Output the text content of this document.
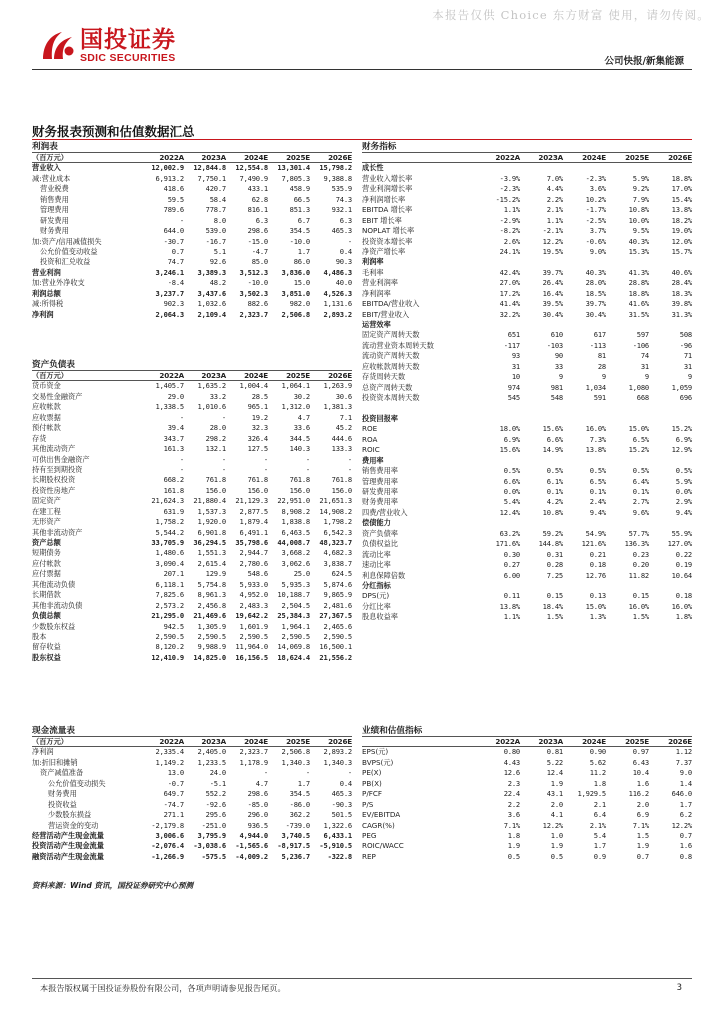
本报告仅供 Choice 东方财富 使用，请勿传阅。
国投证券
SDIC SECURITIES	公司快报/新集能源
财务报表预测和估值数据汇总
利润表
（百万元）	2022A	2023A	2024E	2025E	2026E
营业收入	12,002.9	12,844.8	12,554.8	13,301.4	15,798.2
减:营业成本	6,913.2	7,750.1	7,490.9	7,805.3	9,388.8
营业税费	418.6	420.7	433.1	458.9	535.9
销售费用	59.5	58.4	62.8	66.5	74.3
管理费用	789.6	778.7	816.1	851.3	932.1
研发费用	-	8.0	6.3	6.7	6.3
财务费用	644.0	539.0	298.6	354.5	465.3
加:资产/信用减值损失	-30.7	-16.7	-15.0	-10.0	-
公允价值变动收益	0.7	5.1	-4.7	1.7	0.4
投资和汇兑收益	74.7	92.6	85.0	86.0	90.3
营业利润	3,246.1	3,389.3	3,512.3	3,836.0	4,486.3
加:营业外净收支	-8.4	48.2	-10.0	15.0	40.0
利润总额	3,237.7	3,437.6	3,502.3	3,851.0	4,526.3
减:所得税	902.3	1,032.6	882.6	982.0	1,131.6
净利润	2,064.3	2,109.4	2,323.7	2,506.8	2,893.2
财务指标
2022A	2023A	2024E	2025E	2026E
成长性
营业收入增长率	-3.9%	7.0%	-2.3%	5.9%	18.8%
营业利润增长率	-2.3%	4.4%	3.6%	9.2%	17.0%
净利润增长率	-15.2%	2.2%	10.2%	7.9%	15.4%
EBITDA 增长率	1.1%	2.1%	-1.7%	10.8%	13.8%
EBIT 增长率	-2.9%	1.1%	-2.5%	10.0%	18.2%
NOPLAT 增长率	-8.2%	-2.1%	3.7%	9.5%	19.0%
投资资本增长率	2.6%	12.2%	-0.6%	40.3%	12.0%
净资产增长率	24.1%	19.5%	9.0%	15.3%	15.7%
利润率
毛利率	42.4%	39.7%	40.3%	41.3%	40.6%
营业利润率	27.0%	26.4%	28.0%	28.8%	28.4%
净利润率	17.2%	16.4%	18.5%	18.8%	18.3%
EBITDA/营业收入	41.4%	39.5%	39.7%	41.6%	39.8%
EBIT/营业收入	32.2%	30.4%	30.4%	31.5%	31.3%
运营效率
固定资产周转天数	651	610	617	597	508
流动营业资本周转天数	-117	-103	-113	-106	-96
流动资产周转天数	93	90	81	74	71
应收帐款周转天数	31	33	28	31	31
存货周转天数	10	9	9	9	9
总资产周转天数	974	981	1,034	1,080	1,059
投资资本周转天数	545	548	591	668	696
投资回报率
ROE	18.0%	15.6%	16.0%	15.0%	15.2%
ROA	6.9%	6.6%	7.3%	6.5%	6.9%
ROIC	15.6%	14.9%	13.8%	15.2%	12.9%
费用率
销售费用率	0.5%	0.5%	0.5%	0.5%	0.5%
管理费用率	6.6%	6.1%	6.5%	6.4%	5.9%
研发费用率	0.0%	0.1%	0.1%	0.1%	0.0%
财务费用率	5.4%	4.2%	2.4%	2.7%	2.9%
四费/营业收入	12.4%	10.8%	9.4%	9.6%	9.4%
偿债能力
资产负债率	63.2%	59.2%	54.9%	57.7%	55.9%
负债权益比	171.6%	144.8%	121.6%	136.3%	127.0%
流动比率	0.30	0.31	0.21	0.23	0.22
速动比率	0.27	0.28	0.18	0.20	0.19
利息保障倍数	6.00	7.25	12.76	11.82	10.64
分红指标
DPS(元)	0.11	0.15	0.13	0.15	0.18
分红比率	13.8%	18.4%	15.0%	16.0%	16.0%
股息收益率	1.1%	1.5%	1.3%	1.5%	1.8%
资产负债表
（百万元）	2022A	2023A	2024E	2025E	2026E
货币资金	1,405.7	1,635.2	1,004.4	1,064.1	1,263.9
交易性金融资产	29.0	33.2	28.5	30.2	30.6
应收帐款	1,338.5	1,010.6	965.1	1,312.0	1,381.3
应收票据	-	-	19.2	4.7	7.1
预付帐款	39.4	28.0	32.3	33.6	45.2
存货	343.7	298.2	326.4	344.5	444.6
其他流动资产	161.3	132.1	127.5	140.3	133.3
可供出售金融资产	-	-	-	-	-
持有至到期投资	-	-	-	-	-
长期股权投资	668.2	761.8	761.8	761.8	761.8
投资性房地产	161.8	156.0	156.0	156.0	156.0
固定资产	21,624.3	21,880.4	21,129.3	22,951.0	21,651.3
在建工程	631.9	1,537.3	2,877.5	8,908.2	14,908.2
无形资产	1,758.2	1,920.0	1,879.4	1,838.8	1,798.2
其他非流动资产	5,544.2	6,901.8	6,491.1	6,463.5	6,542.3
资产总额	33,705.9	36,294.5	35,798.6	44,008.7	48,323.7
短期债务	1,480.6	1,551.3	2,944.7	3,668.2	4,682.3
应付帐款	3,090.4	2,615.4	2,780.6	3,062.6	3,838.7
应付票据	207.1	129.9	548.6	25.0	624.5
其他流动负债	6,118.1	5,754.8	5,933.0	5,935.3	5,874.6
长期借款	7,825.6	8,961.3	4,952.0	10,188.7	9,865.9
其他非流动负债	2,573.2	2,456.8	2,483.3	2,504.5	2,481.6
负债总额	21,295.0	21,469.6	19,642.2	25,384.3	27,367.5
少数股东权益	942.5	1,305.9	1,601.9	1,964.1	2,465.6
股本	2,590.5	2,590.5	2,590.5	2,590.5	2,590.5
留存收益	8,120.2	9,988.9	11,964.0	14,069.8	16,500.1
股东权益	12,410.9	14,825.0	16,156.5	18,624.4	21,556.2
现金流量表
（百万元）	2022A	2023A	2024E	2025E	2026E
净利润	2,335.4	2,405.0	2,323.7	2,506.8	2,893.2
加:折旧和摊销	1,149.2	1,233.5	1,178.9	1,340.3	1,340.3
资产减值准备	13.0	24.0	-	-	-
公允价值变动损失	-0.7	-5.1	4.7	1.7	0.4
财务费用	649.7	552.2	298.6	354.5	465.3
投资收益	-74.7	-92.6	-85.0	-86.0	-90.3
少数股东损益	271.1	295.6	296.0	362.2	501.5
营运资金的变动	-2,179.8	-251.0	936.5	-739.0	1,322.6
经营活动产生现金流量	3,006.6	3,795.9	4,944.0	3,740.5	6,433.1
投资活动产生现金流量	-2,076.4	-3,038.6	-1,565.6	-8,917.5	-5,910.5
融资活动产生现金流量	-1,266.9	-575.5	-4,009.2	5,236.7	-322.8
业绩和估值指标
2022A	2023A	2024E	2025E	2026E
EPS(元)	0.80	0.81	0.90	0.97	1.12
BVPS(元)	4.43	5.22	5.62	6.43	7.37
PE(X)	12.6	12.4	11.2	10.4	9.0
PB(X)	2.3	1.9	1.8	1.6	1.4
P/FCF	22.4	43.1	1,929.5	116.2	646.0
P/S	2.2	2.0	2.1	2.0	1.7
EV/EBITDA	3.6	4.1	6.4	6.9	6.2
CAGR(%)	7.1%	12.2%	2.1%	7.1%	12.2%
PEG	1.8	1.0	5.4	1.5	0.7
ROIC/WACC	1.9	1.9	1.7	1.9	1.6
REP	0.5	0.5	0.9	0.7	0.8
资料来源：Wind 资讯，国投证券研究中心预测
本报告版权属于国投证券股份有限公司，各项声明请参见报告尾页。	3
